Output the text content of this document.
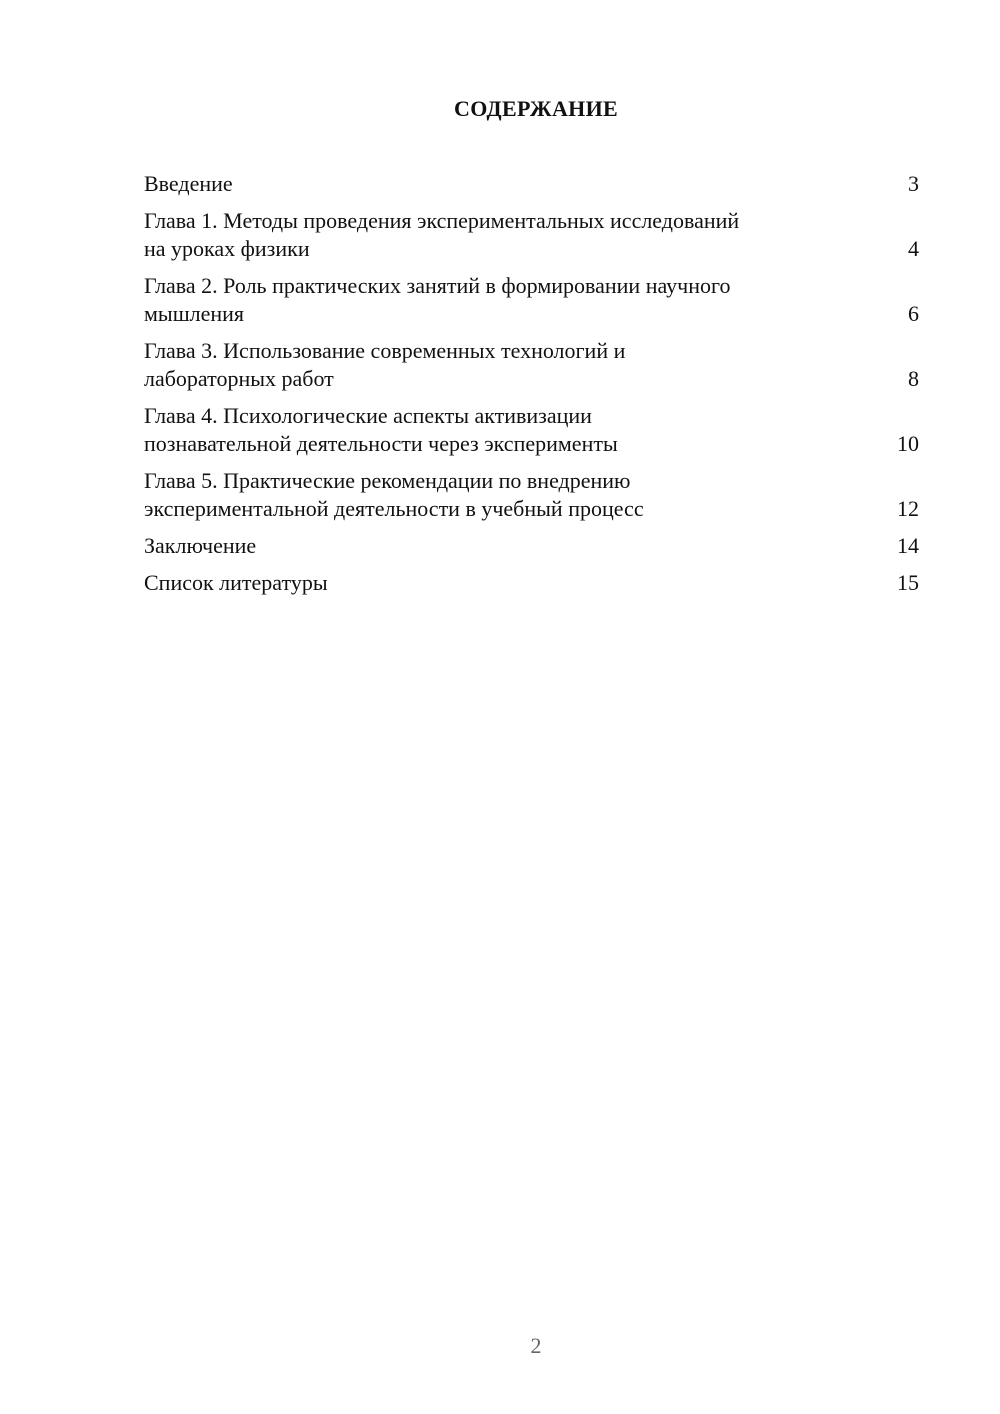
СОДЕРЖАНИЕ
Введение	3
Глава 1. Методы проведения экспериментальных исследований
на уроках физики	4
Глава 2. Роль практических занятий в формировании научного
мышления	6
Глава 3. Использование современных технологий и
лабораторных работ	8
Глава 4. Психологические аспекты активизации
познавательной деятельности через эксперименты	10
Глава 5. Практические рекомендации по внедрению
экспериментальной деятельности в учебный процесс	12
Заключение	14
Список литературы	15
2
